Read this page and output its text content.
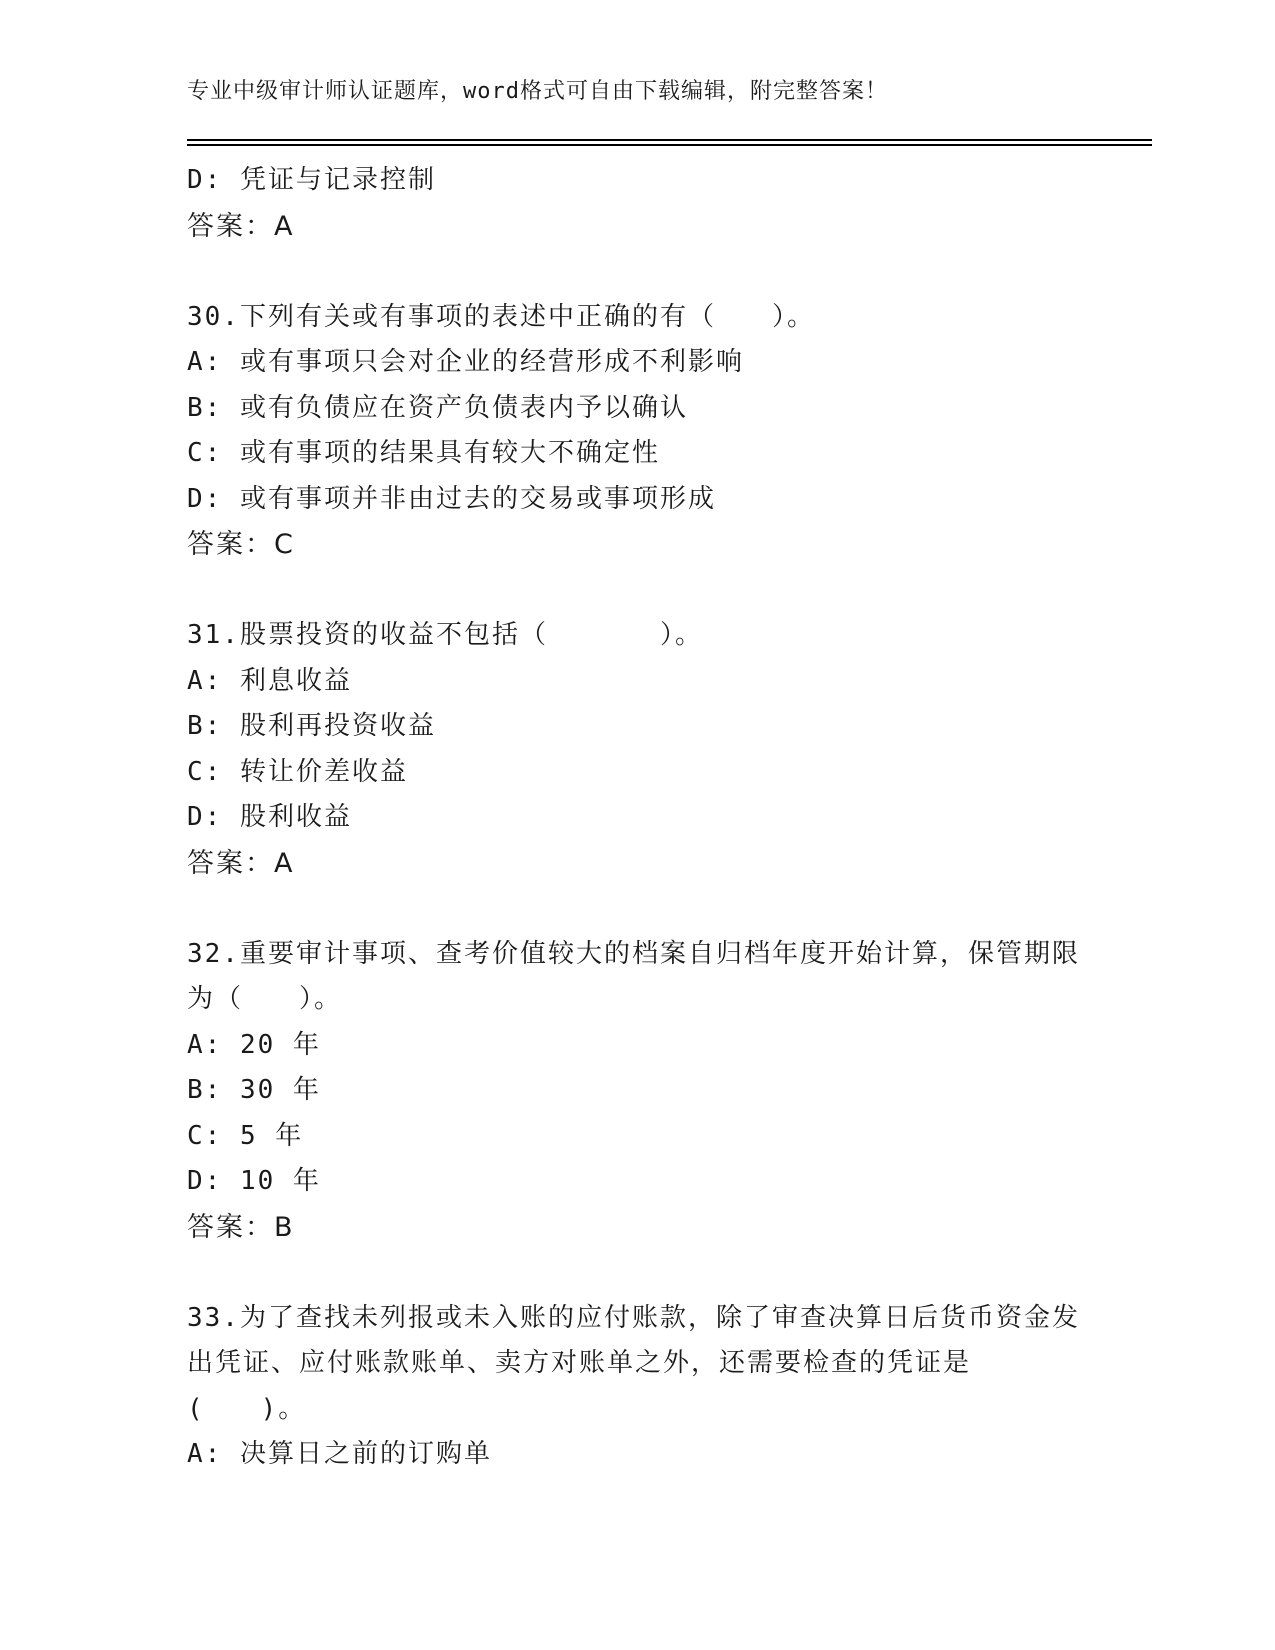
专业中级审计师认证题库，word格式可自由下载编辑，附完整答案！
D: 凭证与记录控制
答案：A
30.下列有关或有事项的表述中正确的有（　　）。
A: 或有事项只会对企业的经营形成不利影响
B: 或有负债应在资产负债表内予以确认
C: 或有事项的结果具有较大不确定性
D: 或有事项并非由过去的交易或事项形成
答案：C
31.股票投资的收益不包括（　　　　）。
A: 利息收益
B: 股利再投资收益
C: 转让价差收益
D: 股利收益
答案：A
32.重要审计事项、查考价值较大的档案自归档年度开始计算，保管期限为（　　）。
A: 20 年
B: 30 年
C: 5 年
D: 10 年
答案：B
33.为了查找未列报或未入账的应付账款，除了审查决算日后货币资金发出凭证、应付账款账单、卖方对账单之外，还需要检查的凭证是(　　)。
A: 决算日之前的订购单
